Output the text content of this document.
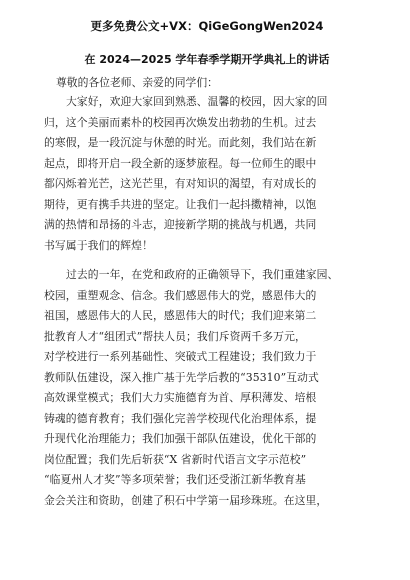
更多免费公文+VX：QiGeGongWen2024
在 2024—2025 学年春季学期开学典礼上的讲话
尊敬的各位老师、亲爱的同学们：
大家好，欢迎大家回到熟悉、温馨的校园，因大家的回
归，这个美丽而素朴的校园再次焕发出勃勃的生机。过去
的寒假，是一段沉淀与休憩的时光。而此刻，我们站在新
起点，即将开启一段全新的逐梦旅程。每一位师生的眼中
都闪烁着光芒，这光芒里，有对知识的渴望，有对成长的
期待，更有携手共进的坚定。让我们一起抖擞精神，以饱
满的热情和昂扬的斗志，迎接新学期的挑战与机遇，共同
书写属于我们的辉煌！
过去的一年，在党和政府的正确领导下，我们重建家园、
校园，重塑观念、信念。我们感恩伟大的党，感恩伟大的
祖国，感恩伟大的人民，感恩伟大的时代；我们迎来第二
批教育人才“组团式”帮扶人员；我们斥资两千多万元，
对学校进行一系列基础性、突破式工程建设；我们致力于
教师队伍建设，深入推广基于先学后教的“35310”互动式
高效课堂模式；我们大力实施德育为首、厚积薄发、培根
铸魂的德育教育；我们强化完善学校现代化治理体系，提
升现代化治理能力；我们加强干部队伍建设，优化干部的
岗位配置；我们先后斩获“X 省新时代语言文字示范校”
“临夏州人才奖”等多项荣誉；我们还受浙江新华教育基
金会关注和资助，创建了积石中学第一届珍珠班。在这里，
